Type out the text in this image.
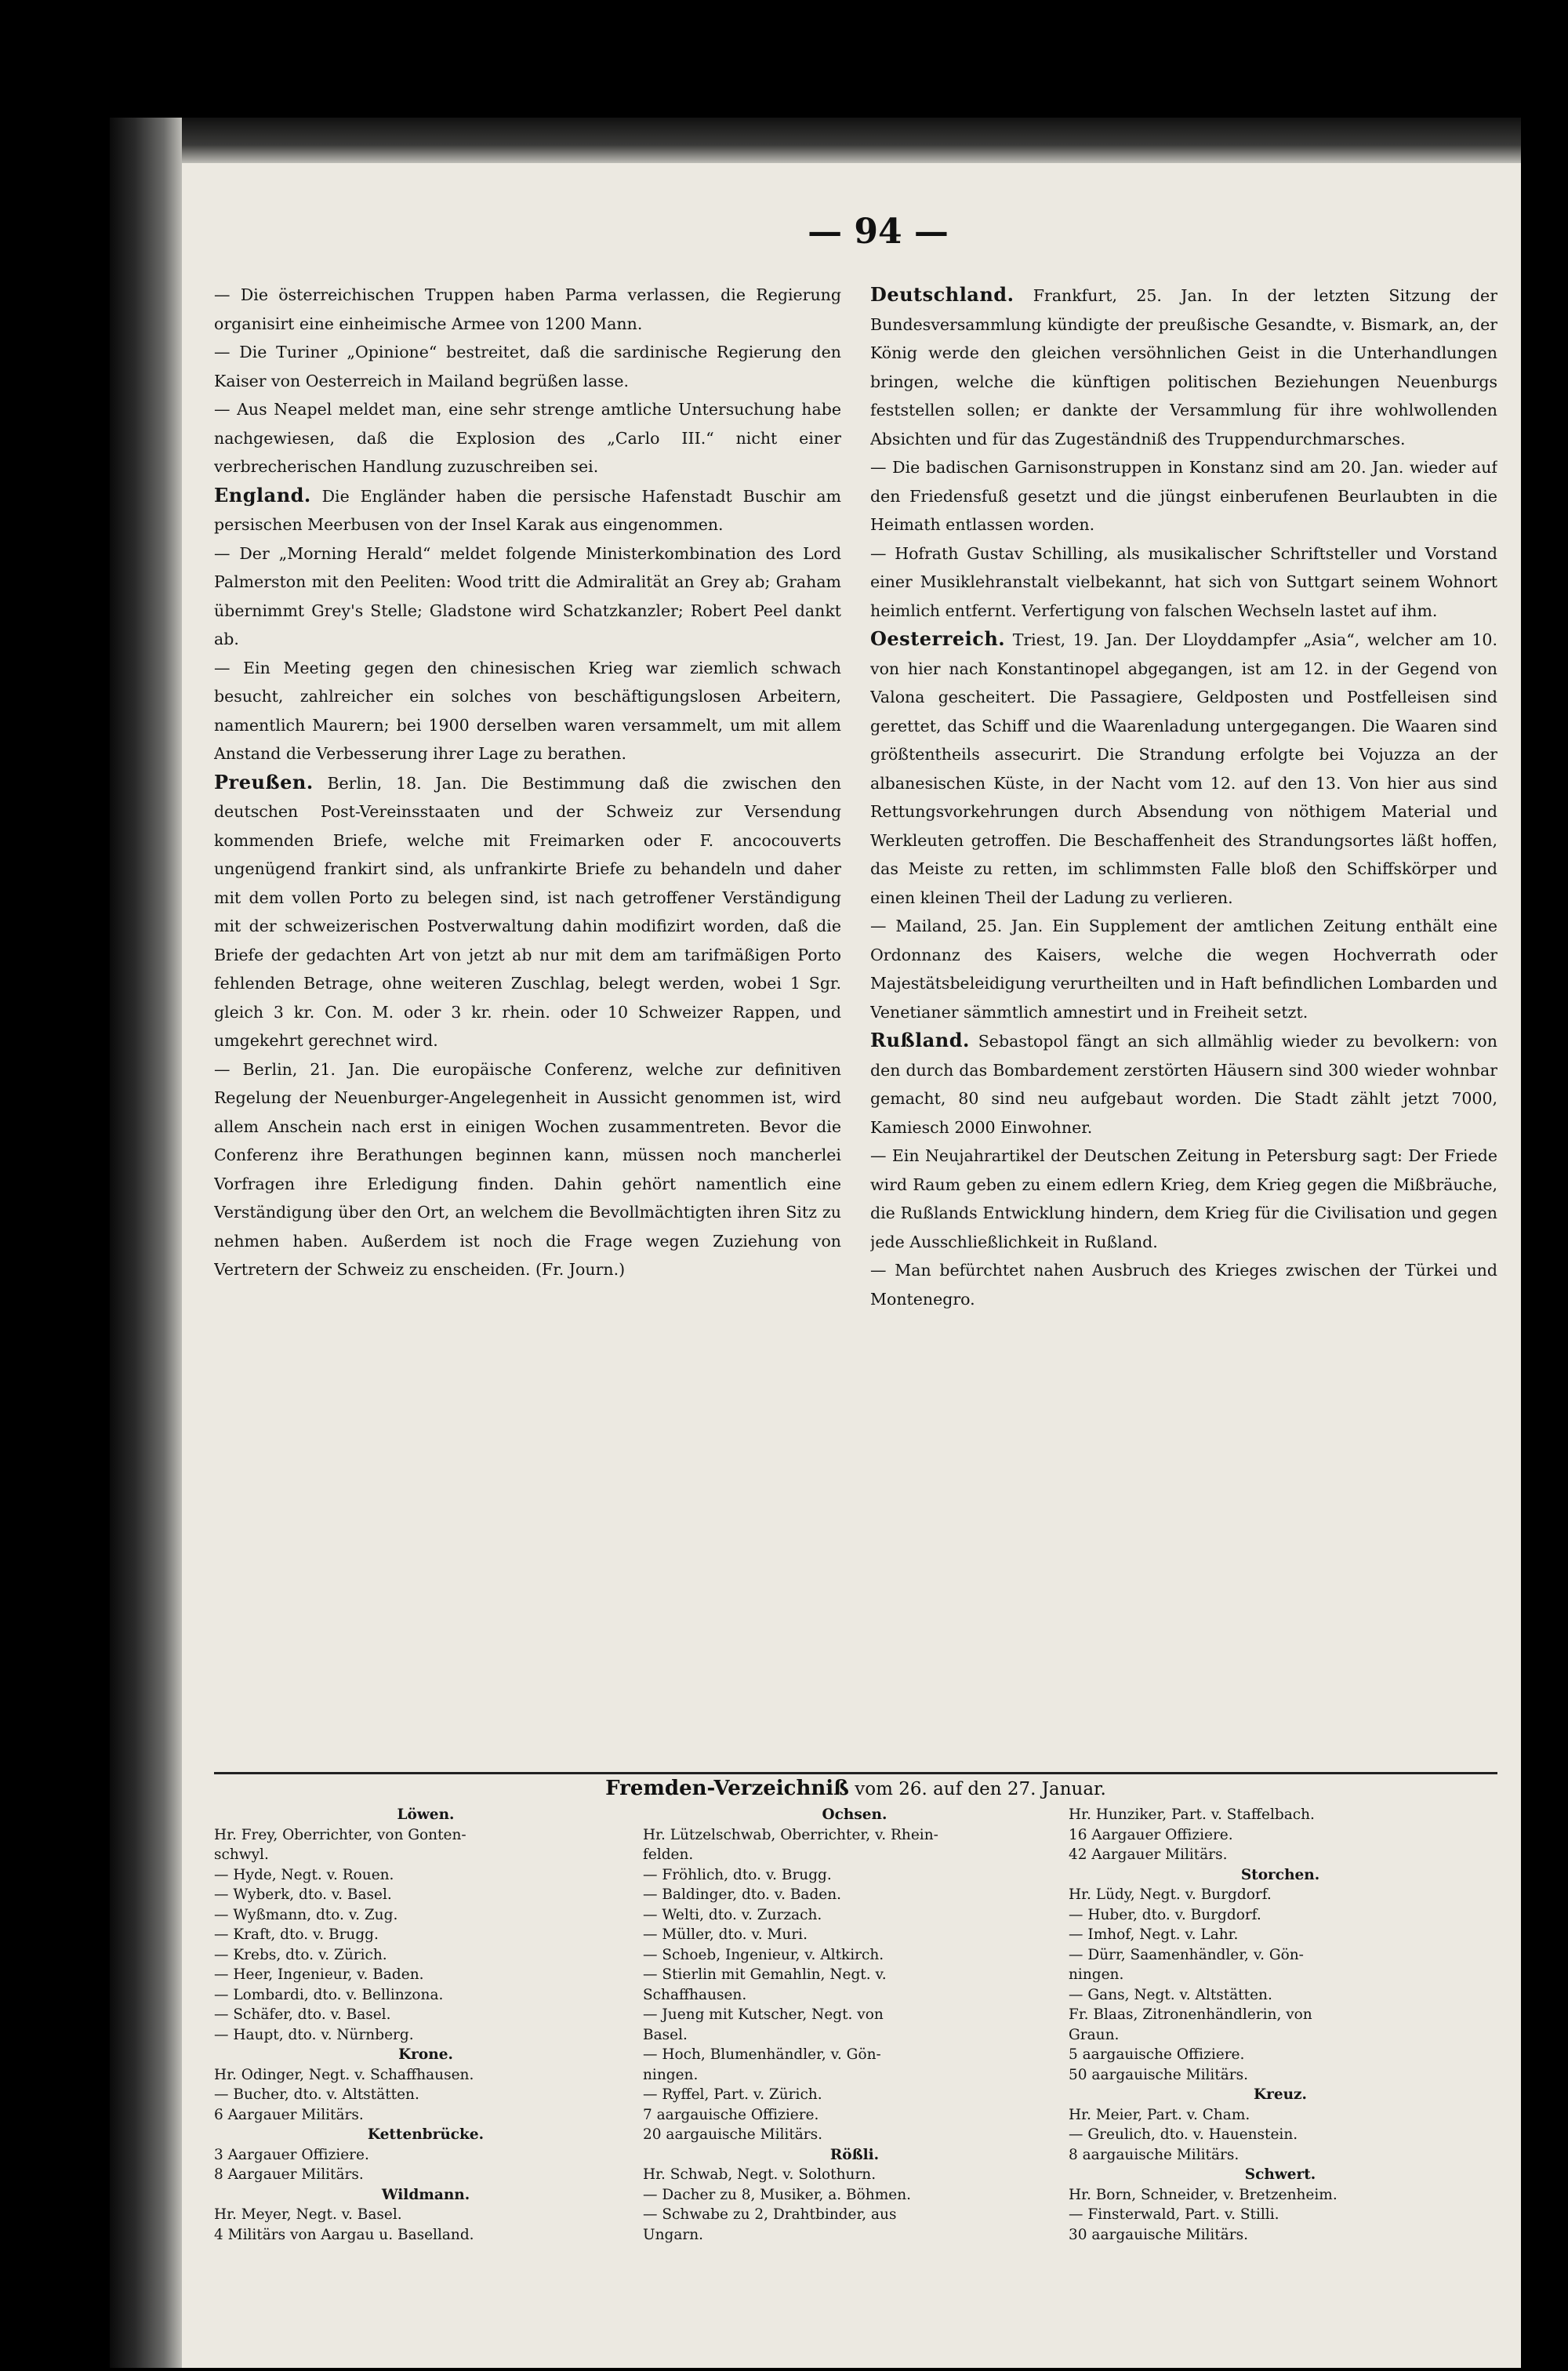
— 94 —

— Die österreichischen Truppen haben Parma verlassen, die Regierung organisirt eine einheimische Armee von 1200 Mann.

— Die Turiner „Opinione“ bestreitet, daß die sardinische Regierung den Kaiser von Oesterreich in Mailand begrüßen lasse.

— Aus Neapel meldet man, eine sehr strenge amtliche Untersuchung habe nachgewiesen, daß die Explosion des „Carlo III.“ nicht einer verbrecherischen Handlung zuzuschreiben sei.

England. Die Engländer haben die persische Hafenstadt Buschir am persischen Meerbusen von der Insel Karak aus eingenommen.

— Der „Morning Herald“ meldet folgende Ministerkombination des Lord Palmerston mit den Peeliten: Wood tritt die Admiralität an Grey ab; Graham übernimmt Grey's Stelle; Gladstone wird Schatzkanzler; Robert Peel dankt ab.

— Ein Meeting gegen den chinesischen Krieg war ziemlich schwach besucht, zahlreicher ein solches von beschäftigungslosen Arbeitern, namentlich Maurern; bei 1900 derselben waren versammelt, um mit allem Anstand die Verbesserung ihrer Lage zu berathen.

Preußen. Berlin, 18. Jan. Die Bestimmung daß die zwischen den deutschen Post-Vereinsstaaten und der Schweiz zur Versendung kommenden Briefe, welche mit Freimarken oder F. ancocouverts ungenügend frankirt sind, als unfrankirte Briefe zu behandeln und daher mit dem vollen Porto zu belegen sind, ist nach getroffener Verständigung mit der schweizerischen Postverwaltung dahin modifizirt worden, daß die Briefe der gedachten Art von jetzt ab nur mit dem am tarifmäßigen Porto fehlenden Betrage, ohne weiteren Zuschlag, belegt werden, wobei 1 Sgr. gleich 3 kr. Con. M. oder 3 kr. rhein. oder 10 Schweizer Rappen, und umgekehrt gerechnet wird.

— Berlin, 21. Jan. Die europäische Conferenz, welche zur definitiven Regelung der Neuenburger-Angelegenheit in Aussicht genommen ist, wird allem Anschein nach erst in einigen Wochen zusammentreten. Bevor die Conferenz ihre Berathungen beginnen kann, müssen noch mancherlei Vorfragen ihre Erledigung finden. Dahin gehört namentlich eine Verständigung über den Ort, an welchem die Bevollmächtigten ihren Sitz zu nehmen haben. Außerdem ist noch die Frage wegen Zuziehung von Vertretern der Schweiz zu enscheiden. (Fr. Journ.)

Deutschland. Frankfurt, 25. Jan. In der letzten Sitzung der Bundesversammlung kündigte der preußische Gesandte, v. Bismark, an, der König werde den gleichen versöhnlichen Geist in die Unterhandlungen bringen, welche die künftigen politischen Beziehungen Neuenburgs feststellen sollen; er dankte der Versammlung für ihre wohlwollenden Absichten und für das Zugeständniß des Truppendurchmarsches.

— Die badischen Garnisonstruppen in Konstanz sind am 20. Jan. wieder auf den Friedensfuß gesetzt und die jüngst einberufenen Beurlaubten in die Heimath entlassen worden.

— Hofrath Gustav Schilling, als musikalischer Schriftsteller und Vorstand einer Musiklehranstalt vielbekannt, hat sich von Suttgart seinem Wohnort heimlich entfernt. Verfertigung von falschen Wechseln lastet auf ihm.

Oesterreich. Triest, 19. Jan. Der Lloyddampfer „Asia“, welcher am 10. von hier nach Konstantinopel abgegangen, ist am 12. in der Gegend von Valona gescheitert. Die Passagiere, Geldposten und Postfelleisen sind gerettet, das Schiff und die Waarenladung untergegangen. Die Waaren sind größtentheils assecurirt. Die Strandung erfolgte bei Vojuzza an der albanesischen Küste, in der Nacht vom 12. auf den 13. Von hier aus sind Rettungsvorkehrungen durch Absendung von nöthigem Material und Werkleuten getroffen. Die Beschaffenheit des Strandungsortes läßt hoffen, das Meiste zu retten, im schlimmsten Falle bloß den Schiffskörper und einen kleinen Theil der Ladung zu verlieren.

— Mailand, 25. Jan. Ein Supplement der amtlichen Zeitung enthält eine Ordonnanz des Kaisers, welche die wegen Hochverrath oder Majestätsbeleidigung verurtheilten und in Haft befindlichen Lombarden und Venetianer sämmtlich amnestirt und in Freiheit setzt.

Rußland. Sebastopol fängt an sich allmählig wieder zu bevolkern: von den durch das Bombardement zerstörten Häusern sind 300 wieder wohnbar gemacht, 80 sind neu aufgebaut worden. Die Stadt zählt jetzt 7000, Kamiesch 2000 Einwohner.

— Ein Neujahrartikel der Deutschen Zeitung in Petersburg sagt: Der Friede wird Raum geben zu einem edlern Krieg, dem Krieg gegen die Mißbräuche, die Rußlands Entwicklung hindern, dem Krieg für die Civilisation und gegen jede Ausschließlichkeit in Rußland.

— Man befürchtet nahen Ausbruch des Krieges zwischen der Türkei und Montenegro.

Fremden-Verzeichniß vom 26. auf den 27. Januar.
Löwen.
Hr. Frey, Oberrichter, von Gonten-
schwyl.
— Hyde, Negt. v. Rouen.
— Wyberk, dto. v. Basel.
— Wyßmann, dto. v. Zug.
— Kraft, dto. v. Brugg.
— Krebs, dto. v. Zürich.
— Heer, Ingenieur, v. Baden.
— Lombardi, dto. v. Bellinzona.
— Schäfer, dto. v. Basel.
— Haupt, dto. v. Nürnberg.
Krone.
Hr. Odinger, Negt. v. Schaffhausen.
— Bucher, dto. v. Altstätten.
6 Aargauer Militärs.
Kettenbrücke.
3 Aargauer Offiziere.
8 Aargauer Militärs.
Wildmann.
Hr. Meyer, Negt. v. Basel.
4 Militärs von Aargau u. Baselland.
Ochsen.
Hr. Lützelschwab, Oberrichter, v. Rhein-
felden.
— Fröhlich, dto. v. Brugg.
— Baldinger, dto. v. Baden.
— Welti, dto. v. Zurzach.
— Müller, dto. v. Muri.
— Schoeb, Ingenieur, v. Altkirch.
— Stierlin mit Gemahlin, Negt. v.
Schaffhausen.
— Jueng mit Kutscher, Negt. von
Basel.
— Hoch, Blumenhändler, v. Gön-
ningen.
— Ryffel, Part. v. Zürich.
7 aargauische Offiziere.
20 aargauische Militärs.
Rößli.
Hr. Schwab, Negt. v. Solothurn.
— Dacher zu 8, Musiker, a. Böhmen.
— Schwabe zu 2, Drahtbinder, aus
Ungarn.
Hr. Hunziker, Part. v. Staffelbach.
16 Aargauer Offiziere.
42 Aargauer Militärs.
Storchen.
Hr. Lüdy, Negt. v. Burgdorf.
— Huber, dto. v. Burgdorf.
— Imhof, Negt. v. Lahr.
— Dürr, Saamenhändler, v. Gön-
ningen.
— Gans, Negt. v. Altstätten.
Fr. Blaas, Zitronenhändlerin, von
Graun.
5 aargauische Offiziere.
50 aargauische Militärs.
Kreuz.
Hr. Meier, Part. v. Cham.
— Greulich, dto. v. Hauenstein.
8 aargauische Militärs.
Schwert.
Hr. Born, Schneider, v. Bretzenheim.
— Finsterwald, Part. v. Stilli.
30 aargauische Militärs.
